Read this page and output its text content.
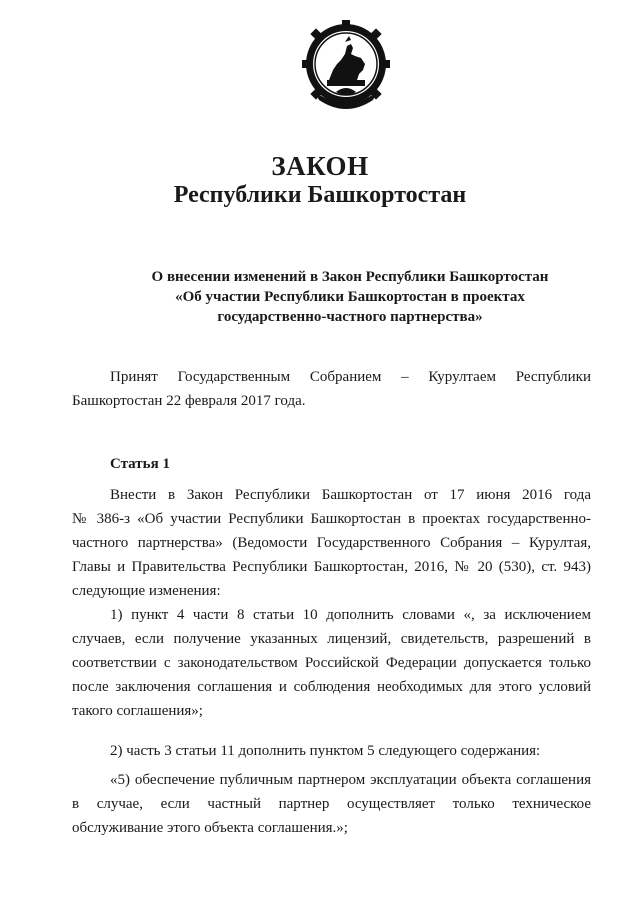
ЗАКОН
Республики Башкортостан
О внесении изменений в Закон Республики Башкортостан
«Об участии Республики Башкортостан в проектах
государственно-частного партнерства»
Принят Государственным Собранием – Курултаем Республики
Башкортостан 22 февраля 2017 года.
Статья 1
Внести в Закон Республики Башкортостан от 17 июня 2016 года
№ 386-з «Об участии Республики Башкортостан в проектах государственно-
частного партнерства» (Ведомости Государственного Собрания – Курултая,
Главы и Правительства Республики Башкортостан, 2016, № 20 (530), ст. 943)
следующие изменения:
1) пункт 4 части 8 статьи 10 дополнить словами «, за исключением
случаев, если получение указанных лицензий, свидетельств, разрешений в
соответствии с законодательством Российской Федерации допускается только
после заключения соглашения и соблюдения необходимых для этого условий
такого соглашения»;
2) часть 3 статьи 11 дополнить пунктом 5 следующего содержания:
«5) обеспечение публичным партнером эксплуатации объекта соглашения
в случае, если частный партнер осуществляет только техническое
обслуживание этого объекта соглашения.»;
